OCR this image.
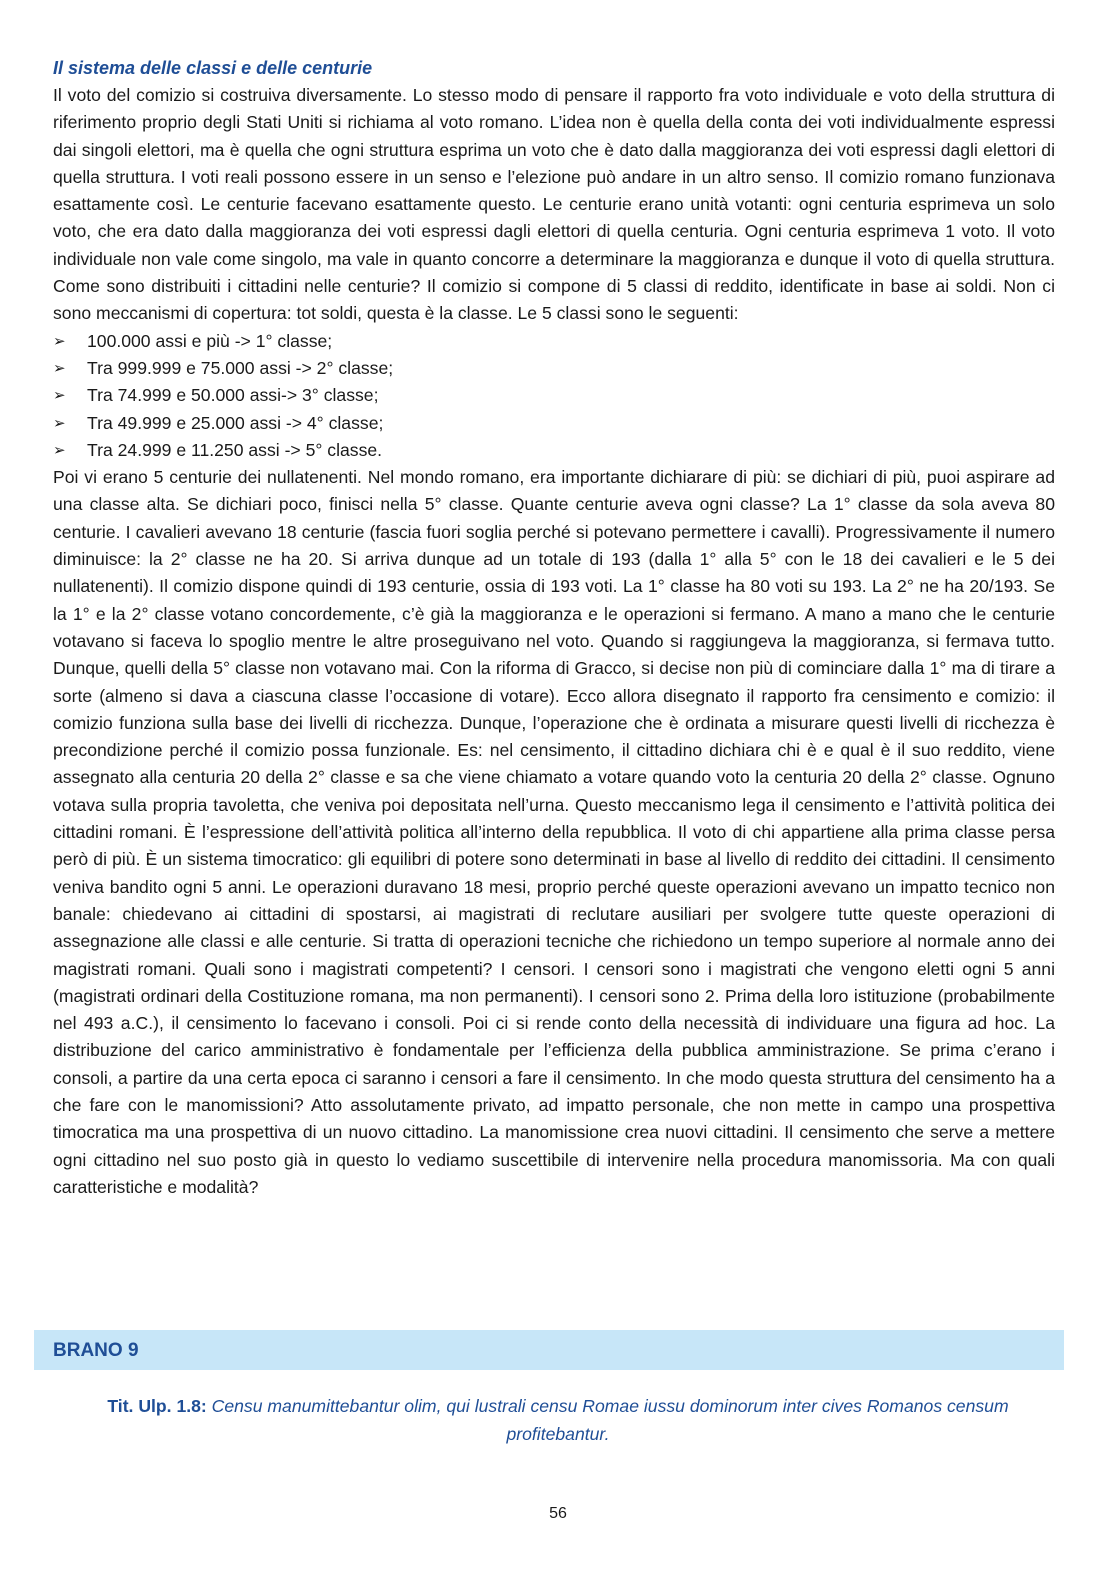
Il sistema delle classi e delle centurie

Il voto del comizio si costruiva diversamente. Lo stesso modo di pensare il rapporto fra voto individuale e voto della struttura di riferimento proprio degli Stati Uniti si richiama al voto romano. L’idea non è quella della conta dei voti individualmente espressi dai singoli elettori, ma è quella che ogni struttura esprima un voto che è dato dalla maggioranza dei voti espressi dagli elettori di quella struttura. I voti reali possono essere in un senso e l’elezione può andare in un altro senso. Il comizio romano funzionava esattamente così. Le centurie facevano esattamente questo. Le centurie erano unità votanti: ogni centuria esprimeva un solo voto, che era dato dalla maggioranza dei voti espressi dagli elettori di quella centuria. Ogni centuria esprimeva 1 voto. Il voto individuale non vale come singolo, ma vale in quanto concorre a determinare la maggioranza e dunque il voto di quella struttura. Come sono distribuiti i cittadini nelle centurie? Il comizio si compone di 5 classi di reddito, identificate in base ai soldi. Non ci sono meccanismi di copertura: tot soldi, questa è la classe. Le 5 classi sono le seguenti:

➢ 100.000 assi e più -> 1° classe;
➢ Tra 999.999 e 75.000 assi -> 2° classe;
➢ Tra 74.999 e 50.000 assi-> 3° classe;
➢ Tra 49.999 e 25.000 assi -> 4° classe;
➢ Tra 24.999 e 11.250 assi -> 5° classe.

Poi vi erano 5 centurie dei nullatenenti. Nel mondo romano, era importante dichiarare di più: se dichiari di più, puoi aspirare ad una classe alta. Se dichiari poco, finisci nella 5° classe. Quante centurie aveva ogni classe? La 1° classe da sola aveva 80 centurie. I cavalieri avevano 18 centurie (fascia fuori soglia perché si potevano permettere i cavalli). Progressivamente il numero diminuisce: la 2° classe ne ha 20. Si arriva dunque ad un totale di 193 (dalla 1° alla 5° con le 18 dei cavalieri e le 5 dei nullatenenti). Il comizio dispone quindi di 193 centurie, ossia di 193 voti. La 1° classe ha 80 voti su 193. La 2° ne ha 20/193. Se la 1° e la 2° classe votano concordemente, c’è già la maggioranza e le operazioni si fermano. A mano a mano che le centurie votavano si faceva lo spoglio mentre le altre proseguivano nel voto. Quando si raggiungeva la maggioranza, si fermava tutto. Dunque, quelli della 5° classe non votavano mai. Con la riforma di Gracco, si decise non più di cominciare dalla 1° ma di tirare a sorte (almeno si dava a ciascuna classe l’occasione di votare). Ecco allora disegnato il rapporto fra censimento e comizio: il comizio funziona sulla base dei livelli di ricchezza. Dunque, l’operazione che è ordinata a misurare questi livelli di ricchezza è precondizione perché il comizio possa funzionale. Es: nel censimento, il cittadino dichiara chi è e qual è il suo reddito, viene assegnato alla centuria 20 della 2° classe e sa che viene chiamato a votare quando voto la centuria 20 della 2° classe. Ognuno votava sulla propria tavoletta, che veniva poi depositata nell’urna. Questo meccanismo lega il censimento e l’attività politica dei cittadini romani. È l’espressione dell’attività politica all’interno della repubblica. Il voto di chi appartiene alla prima classe persa però di più. È un sistema timocratico: gli equilibri di potere sono determinati in base al livello di reddito dei cittadini. Il censimento veniva bandito ogni 5 anni. Le operazioni duravano 18 mesi, proprio perché queste operazioni avevano un impatto tecnico non banale: chiedevano ai cittadini di spostarsi, ai magistrati di reclutare ausiliari per svolgere tutte queste operazioni di assegnazione alle classi e alle centurie. Si tratta di operazioni tecniche che richiedono un tempo superiore al normale anno dei magistrati romani. Quali sono i magistrati competenti? I censori. I censori sono i magistrati che vengono eletti ogni 5 anni (magistrati ordinari della Costituzione romana, ma non permanenti). I censori sono 2. Prima della loro istituzione (probabilmente nel 493 a.C.), il censimento lo facevano i consoli. Poi ci si rende conto della necessità di individuare una figura ad hoc. La distribuzione del carico amministrativo è fondamentale per l’efficienza della pubblica amministrazione. Se prima c’erano i consoli, a partire da una certa epoca ci saranno i censori a fare il censimento. In che modo questa struttura del censimento ha a che fare con le manomissioni? Atto assolutamente privato, ad impatto personale, che non mette in campo una prospettiva timocratica ma una prospettiva di un nuovo cittadino. La manomissione crea nuovi cittadini. Il censimento che serve a mettere ogni cittadino nel suo posto già in questo lo vediamo suscettibile di intervenire nella procedura manomissoria. Ma con quali caratteristiche e modalità?

BRANO 9

Tit. Ulp. 1.8: Censu manumittebantur olim, qui lustrali censu Romae iussu dominorum inter cives Romanos censum profitebantur.

56
